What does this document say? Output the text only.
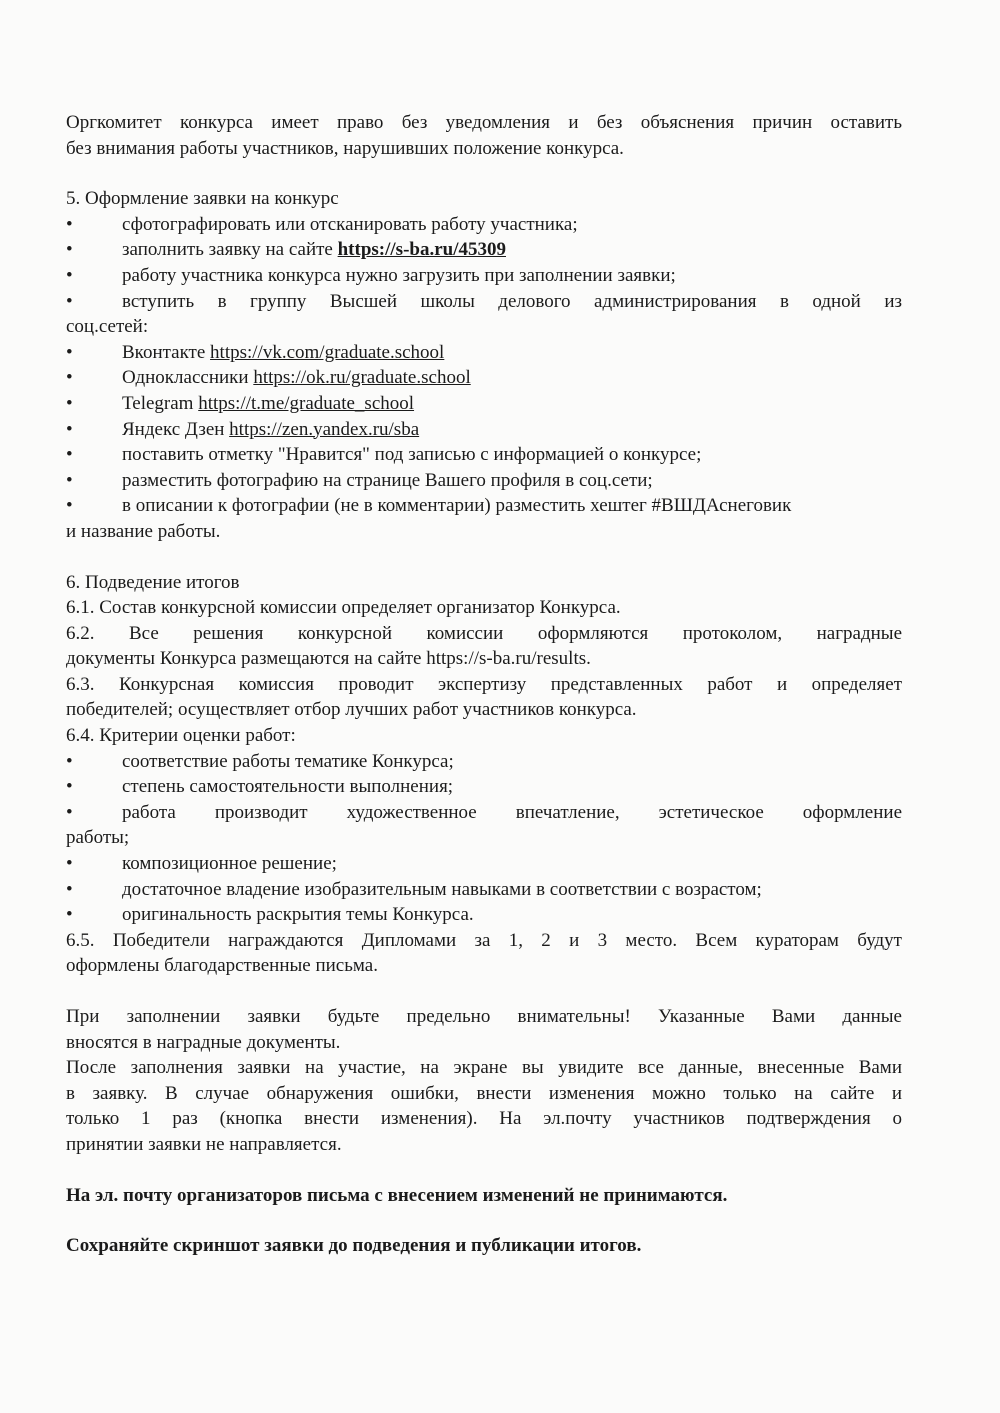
Оргкомитет конкурса имеет право без уведомления и без объяснения причин оставить
без внимания работы участников, нарушивших положение конкурса.
5. Оформление заявки на конкурс
•	сфотографировать или отсканировать работу участника;
•	заполнить заявку на сайте https://s-ba.ru/45309
•	работу участника конкурса нужно загрузить при заполнении заявки;
•	вступить в группу Высшей школы делового администрирования в одной из
соц.сетей:
•	Вконтакте https://vk.com/graduate.school
•	Одноклассники https://ok.ru/graduate.school
•	Telegram https://t.me/graduate_school
•	Яндекс Дзен https://zen.yandex.ru/sba
•	поставить отметку "Нравится" под записью с информацией о конкурсе;
•	разместить фотографию на странице Вашего профиля в соц.сети;
•	в описании к фотографии (не в комментарии) разместить хештег #ВШДАснеговик
и название работы.
6. Подведение итогов
6.1. Состав конкурсной комиссии определяет организатор Конкурса.
6.2. Все решения конкурсной комиссии оформляются протоколом, наградные
документы Конкурса размещаются на сайте https://s-ba.ru/results.
6.3. Конкурсная комиссия проводит экспертизу представленных работ и определяет
победителей; осуществляет отбор лучших работ участников конкурса.
6.4. Критерии оценки работ:
•	соответствие работы тематике Конкурса;
•	степень самостоятельности выполнения;
•	работа производит художественное впечатление, эстетическое оформление
работы;
•	композиционное решение;
•	достаточное владение изобразительным навыками в соответствии с возрастом;
•	оригинальность раскрытия темы Конкурса.
6.5. Победители награждаются Дипломами за 1, 2 и 3 место. Всем кураторам будут
оформлены благодарственные письма.
При заполнении заявки будьте предельно внимательны! Указанные Вами данные
вносятся в наградные документы.
После заполнения заявки на участие, на экране вы увидите все данные, внесенные Вами
в заявку. В случае обнаружения ошибки, внести изменения можно только на сайте и
только 1 раз (кнопка внести изменения). На эл.почту участников подтверждения о
принятии заявки не направляется.
На эл. почту организаторов письма с внесением изменений не принимаются.
Сохраняйте скриншот заявки до подведения и публикации итогов.
